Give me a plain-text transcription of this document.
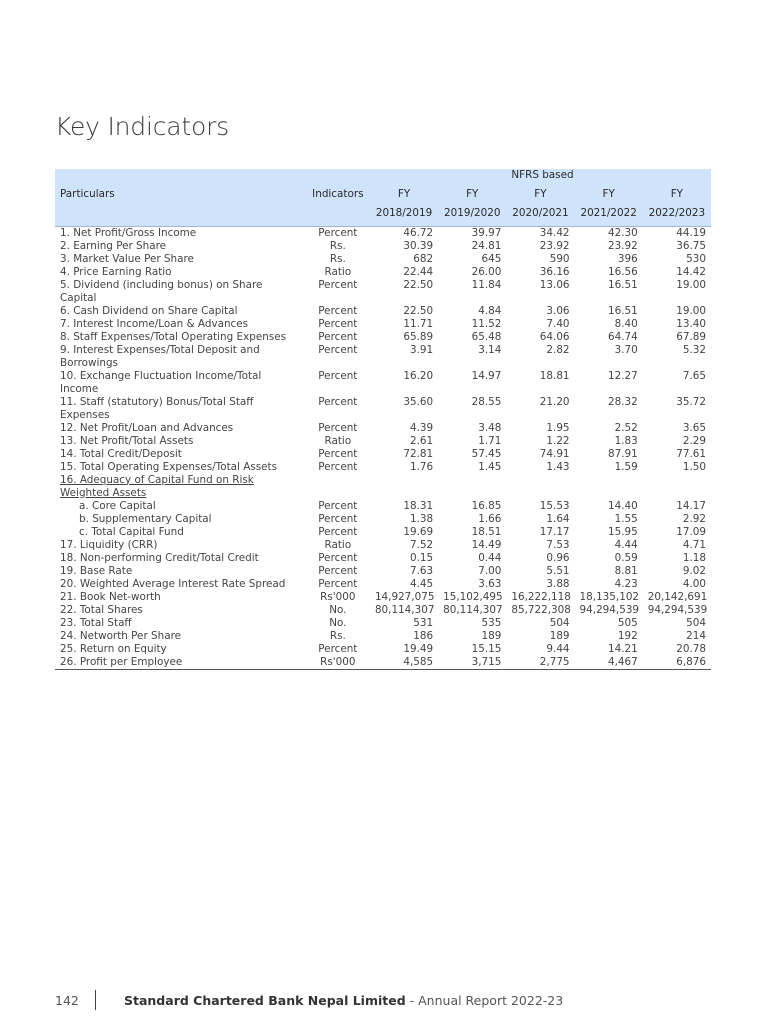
Key Indicators
				NFRS based		
Particulars	Indicators	FY	FY	FY	FY	FY
		2018/2019	2019/2020	2020/2021	2021/2022	2022/2023
1. Net Profit/Gross Income	Percent	46.72	39.97	34.42	42.30	44.19
2. Earning Per Share	Rs.	30.39	24.81	23.92	23.92	36.75
3. Market Value Per Share	Rs.	682	645	590	396	530
4. Price Earning Ratio	Ratio	22.44	26.00	36.16	16.56	14.42
5. Dividend (including bonus) on Share Capital	Percent	22.50	11.84	13.06	16.51	19.00
6. Cash Dividend on Share Capital	Percent	22.50	4.84	3.06	16.51	19.00
7. Interest Income/Loan & Advances	Percent	11.71	11.52	7.40	8.40	13.40
8. Staff Expenses/Total Operating Expenses	Percent	65.89	65.48	64.06	64.74	67.89
9. Interest Expenses/Total Deposit and Borrowings	Percent	3.91	3.14	2.82	3.70	5.32
10. Exchange Fluctuation Income/Total Income	Percent	16.20	14.97	18.81	12.27	7.65
11. Staff (statutory) Bonus/Total Staff Expenses	Percent	35.60	28.55	21.20	28.32	35.72
12. Net Profit/Loan and Advances	Percent	4.39	3.48	1.95	2.52	3.65
13. Net Profit/Total Assets	Ratio	2.61	1.71	1.22	1.83	2.29
14. Total Credit/Deposit	Percent	72.81	57.45	74.91	87.91	77.61
15. Total Operating Expenses/Total Assets	Percent	1.76	1.45	1.43	1.59	1.50
16. Adequacy of Capital Fund on Risk Weighted Assets						
a. Core Capital	Percent	18.31	16.85	15.53	14.40	14.17
b. Supplementary Capital	Percent	1.38	1.66	1.64	1.55	2.92
c. Total Capital Fund	Percent	19.69	18.51	17.17	15.95	17.09
17. Liquidity (CRR)	Ratio	7.52	14.49	7.53	4.44	4.71
18. Non-performing Credit/Total Credit	Percent	0.15	0.44	0.96	0.59	1.18
19. Base Rate	Percent	7.63	7.00	5.51	8.81	9.02
20. Weighted Average Interest Rate Spread	Percent	4.45	3.63	3.88	4.23	4.00
21. Book Net-worth	Rs'000	14,927,075	15,102,495	16,222,118	18,135,102	20,142,691
22. Total Shares	No.	80,114,307	80,114,307	85,722,308	94,294,539	94,294,539
23. Total Staff	No.	531	535	504	505	504
24. Networth Per Share	Rs.	186	189	189	192	214
25. Return on Equity	Percent	19.49	15.15	9.44	14.21	20.78
26. Profit per Employee	Rs'000	4,585	3,715	2,775	4,467	6,876
142	Standard Chartered Bank Nepal Limited - Annual Report 2022-23
